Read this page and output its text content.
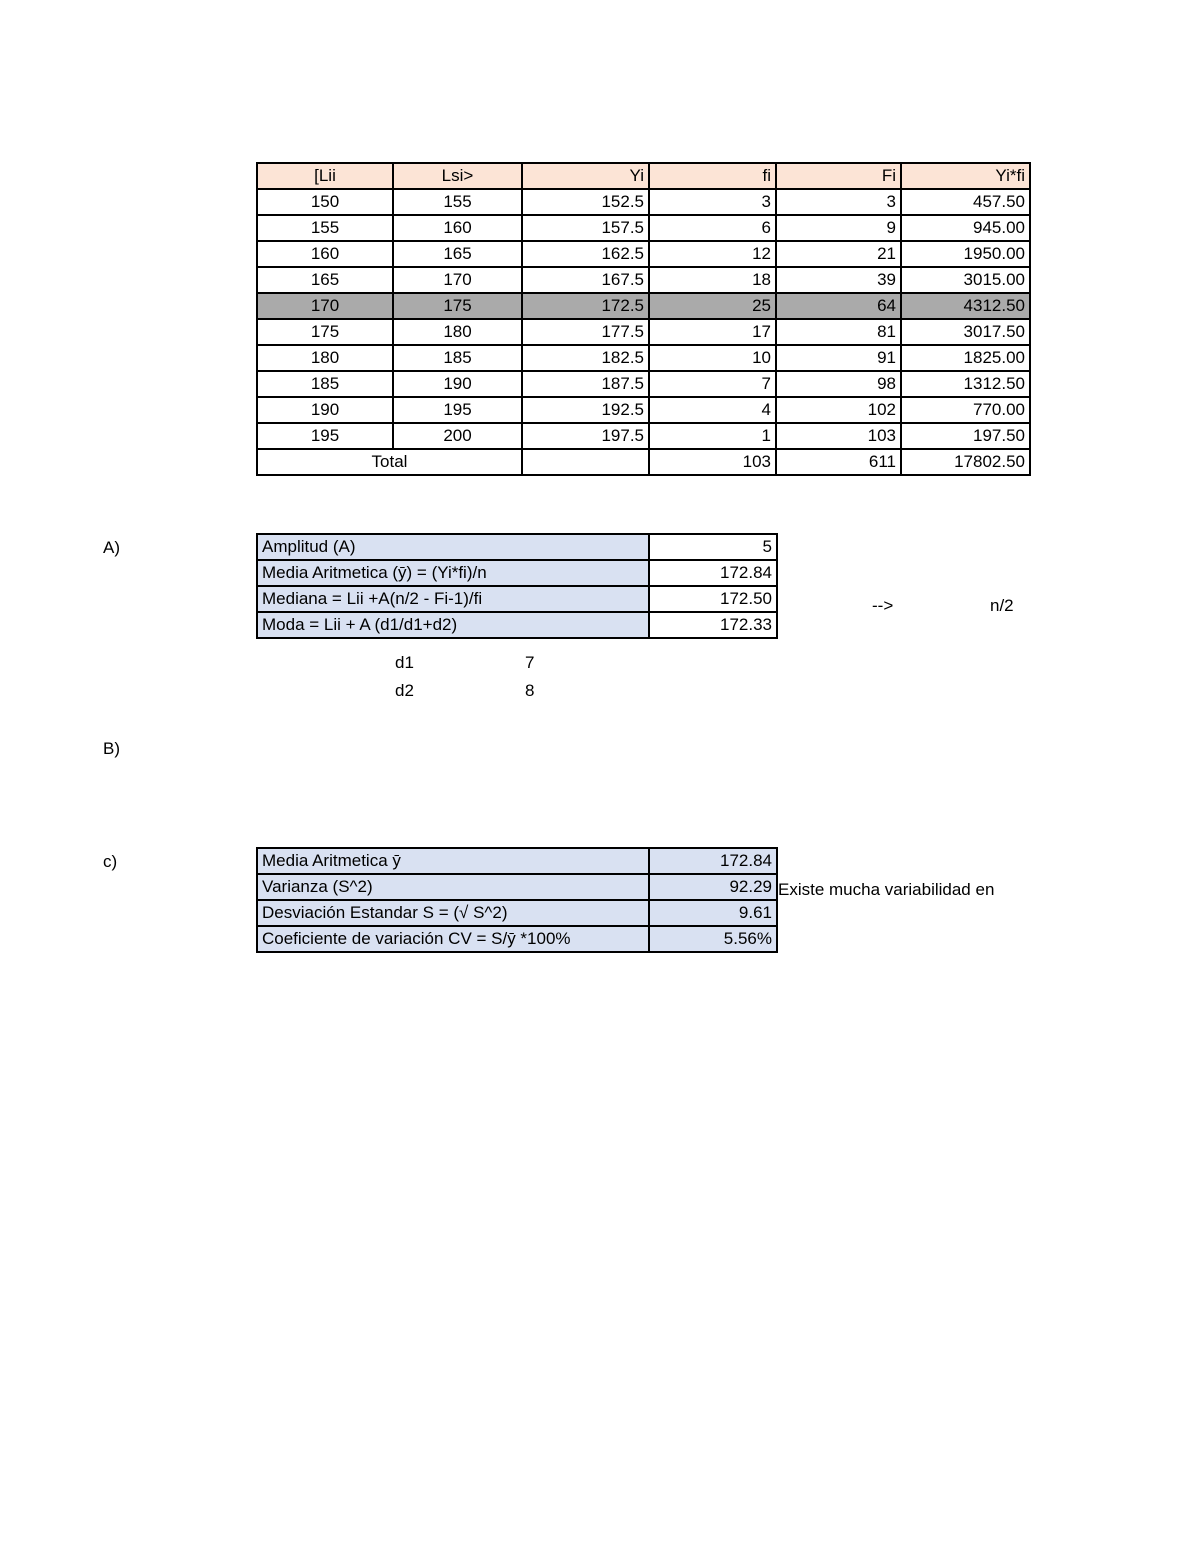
[Lii	Lsi>	Yi	fi	Fi	Yi*fi
150	155	152.5	3	3	457.50
155	160	157.5	6	9	945.00
160	165	162.5	12	21	1950.00
165	170	167.5	18	39	3015.00
170	175	172.5	25	64	4312.50
175	180	177.5	17	81	3017.50
180	185	182.5	10	91	1825.00
185	190	187.5	7	98	1312.50
190	195	192.5	4	102	770.00
195	200	197.5	1	103	197.50
Total			103	611	17802.50
A)	Amplitud (A)	5
Media Aritmetica (ȳ) = (Yi*fi)/n	172.84
Mediana = Lii +A(n/2 - Fi-1)/fi	172.50
Moda = Lii + A (d1/d1+d2)	172.33
-->	n/2
d1	7
d2	8
B)
c)	Media Aritmetica ȳ	172.84
Varianza (S^2)	92.29
Desviación Estandar S = (√ S^2)	9.61
Coeficiente de variación CV = S/ȳ *100%	5.56%
Existe mucha variabilidad en
